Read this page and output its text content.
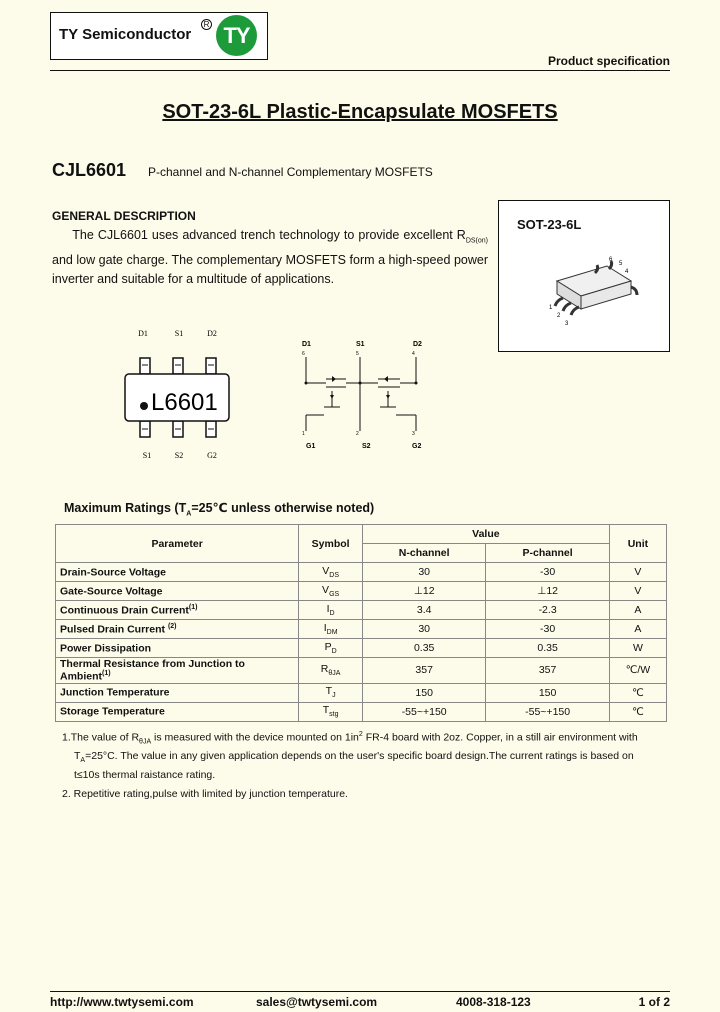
TY Semiconductor
R TY
Product specification
SOT-23-6L Plastic-Encapsulate MOSFETS
CJL6601 P-channel and N-channel Complementary MOSFETS
GENERAL DESCRIPTION
The CJL6601 uses advanced trench technology to provide excellent $R_{DS(on)}$ and low gate charge. The complementary MOSFETS form a high-speed power inverter and suitable for a multitude of applications.
SOT-23-6L
6
5
4
1
2
3
D1	S1	D2
S1	S2	G2
L6601
D1	S1	D2
G1	S2	G2
6	5	4
1	2	3
Maximum Ratings ($T_A=25℃$ unless otherwise noted)
Parameter	Symbol	Value		Unit
		N-channel	P-channel	
Drain-Source Voltage	$V_{DS}$	30	-30	V
Gate-Source Voltage	$V_{GS}$	⊥12	⊥12	V
Continuous Drain Current$^{(1)}$	$I_D$	3.4	-2.3	A
Pulsed Drain Current $^{(2)}$	$I_{DM}$	30	-30	A
Power Dissipation	$P_D$	0.35	0.35	W
Thermal Resistance from Junction to Ambient$^{(1)}$	$R_{\theta JA}$	357	357	℃/W
Junction Temperature	$T_J$	150	150	℃
Storage Temperature	$T_{stg}$	-55~+150	-55~+150	℃
1.The value of $R_{\theta JA}$ is measured with the device mounted on $1in^2$ FR-4 board with 2oz. Copper, in a still air environment with
$T_A=25^\circ C$. The value in any given application depends on the user's specific board design.The current ratings is based on
t≤10s thermal raistance rating.
2. Repetitive rating,pulse with limited by junction temperature.
http://www.twtysemi.com	sales@twtysemi.com	4008-318-123	1 of 2
